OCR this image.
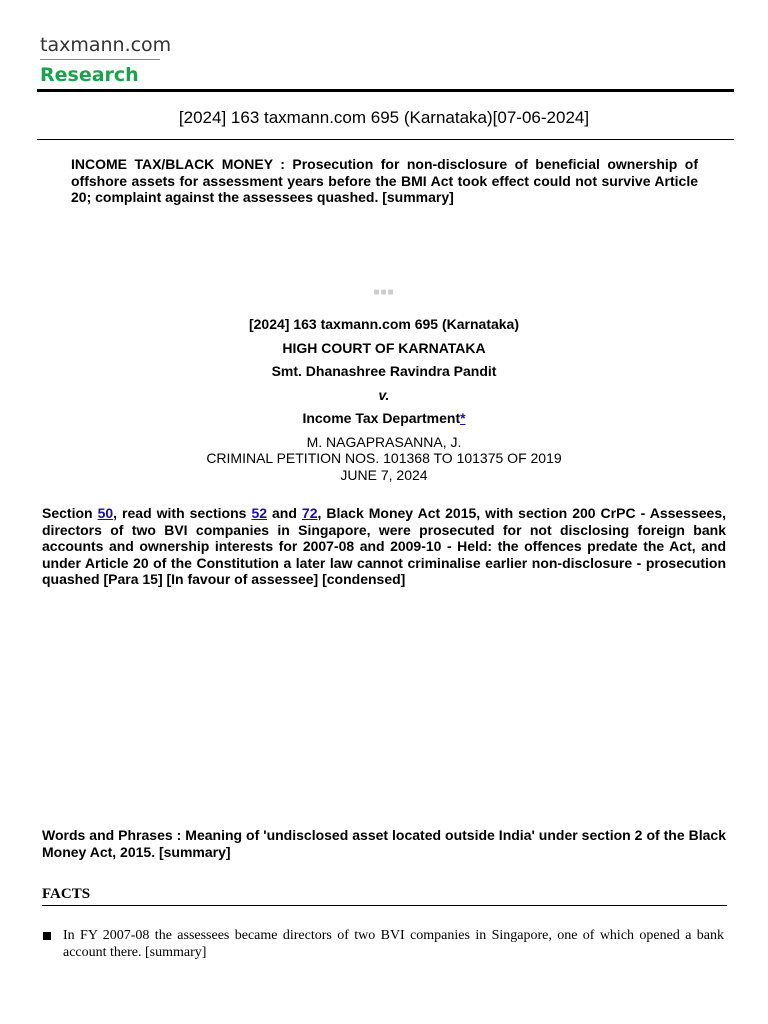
taxmann.com
Research
[2024] 163 taxmann.com 695 (Karnataka)[07-06-2024]
INCOME TAX/BLACK MONEY : Prosecution for non-disclosure of beneficial ownership of offshore assets for assessment years before the BMI Act took effect could not survive Article 20; complaint against the assessees quashed. [summary]
■■■
[2024] 163 taxmann.com 695 (Karnataka)
HIGH COURT OF KARNATAKA
Smt. Dhanashree Ravindra Pandit
v.
Income Tax Department*
M. NAGAPRASANNA, J.
CRIMINAL PETITION NOS. 101368 TO 101375 OF 2019
JUNE 7, 2024
Section 50, read with sections 52 and 72, Black Money Act 2015, with section 200 CrPC - Assessees, directors of two BVI companies in Singapore, were prosecuted for not disclosing foreign bank accounts and ownership interests for 2007-08 and 2009-10 - Held: the offences predate the Act, and under Article 20 of the Constitution a later law cannot criminalise earlier non-disclosure - prosecution quashed [Para 15] [In favour of assessee] [condensed]
Words and Phrases : Meaning of 'undisclosed asset located outside India' under section 2 of the Black Money Act, 2015. [summary]
FACTS
In FY 2007-08 the assessees became directors of two BVI companies in Singapore, one of which opened a bank account there. [summary]
